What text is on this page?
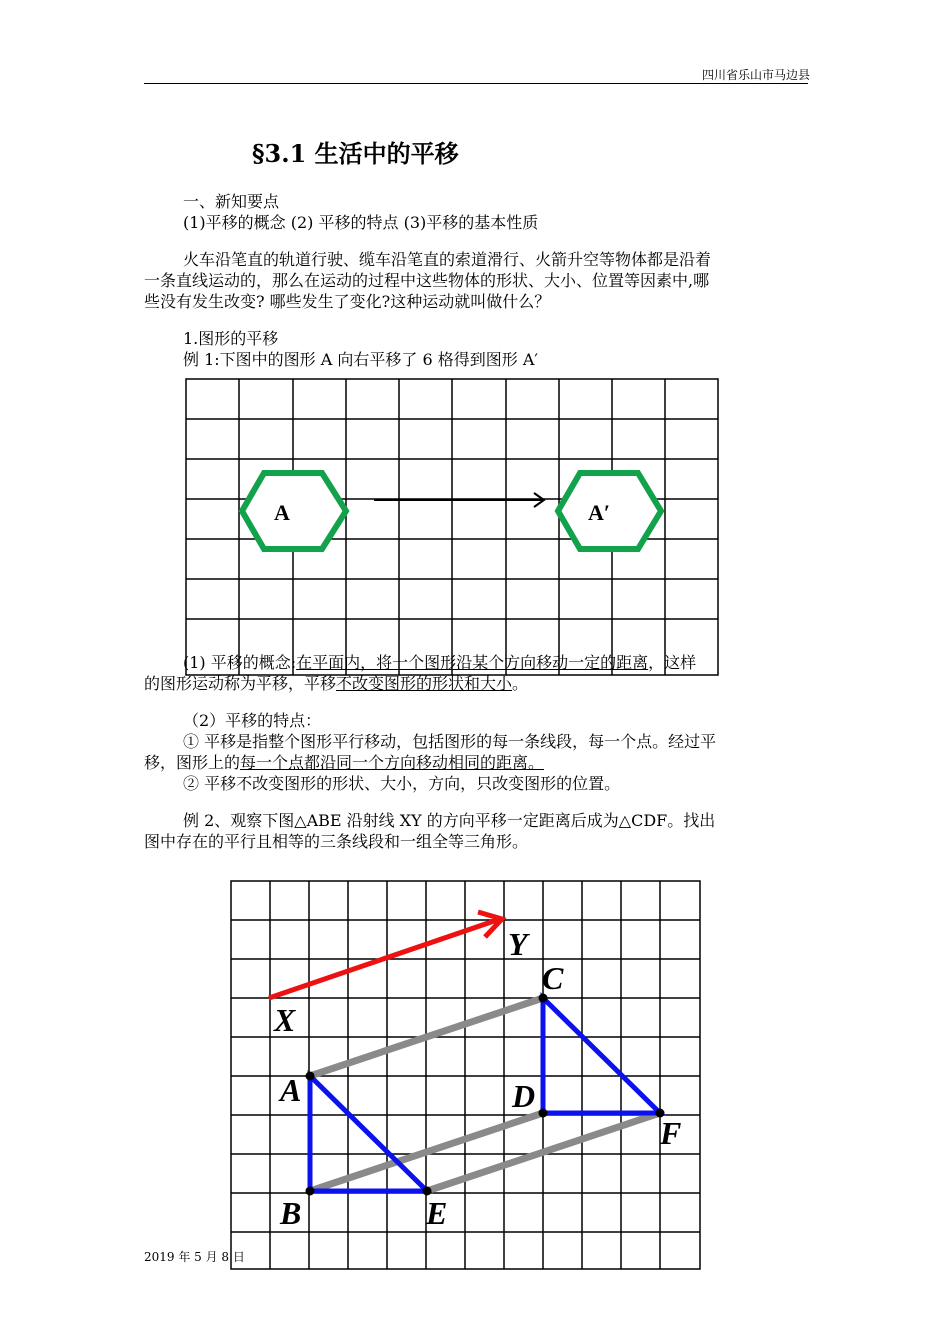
四川省乐山市马边县
§3.1 生活中的平移
一、新知要点
(1)平移的概念 (2) 平移的特点 (3)平移的基本性质
火车沿笔直的轨道行驶、缆车沿笔直的索道滑行、火箭升空等物体都是沿着
一条直线运动的，那么在运动的过程中这些物体的形状、大小、位置等因素中,哪
些没有发生改变? 哪些发生了变化?这种运动就叫做什么？
1.图形的平移
例 1:下图中的图形 A 向右平移了 6 格得到图形 A′
A	A′
(1) 平移的概念:在平面内，将一个图形沿某个方向移动一定的距离，这样
的图形运动称为平移，平移不改变图形的形状和大小。
（2）平移的特点：
① 平移是指整个图形平行移动，包括图形的每一条线段，每一个点。经过平
移，图形上的每一个点都沿同一个方向移动相同的距离。
② 平移不改变图形的形状、大小，方向，只改变图形的位置。
例 2、观察下图△ABE 沿射线 XY 的方向平移一定距离后成为△CDF。找出
图中存在的平行且相等的三条线段和一组全等三角形。
X
Y
A
B
C
D
E
F
2019 年 5 月 8 日
